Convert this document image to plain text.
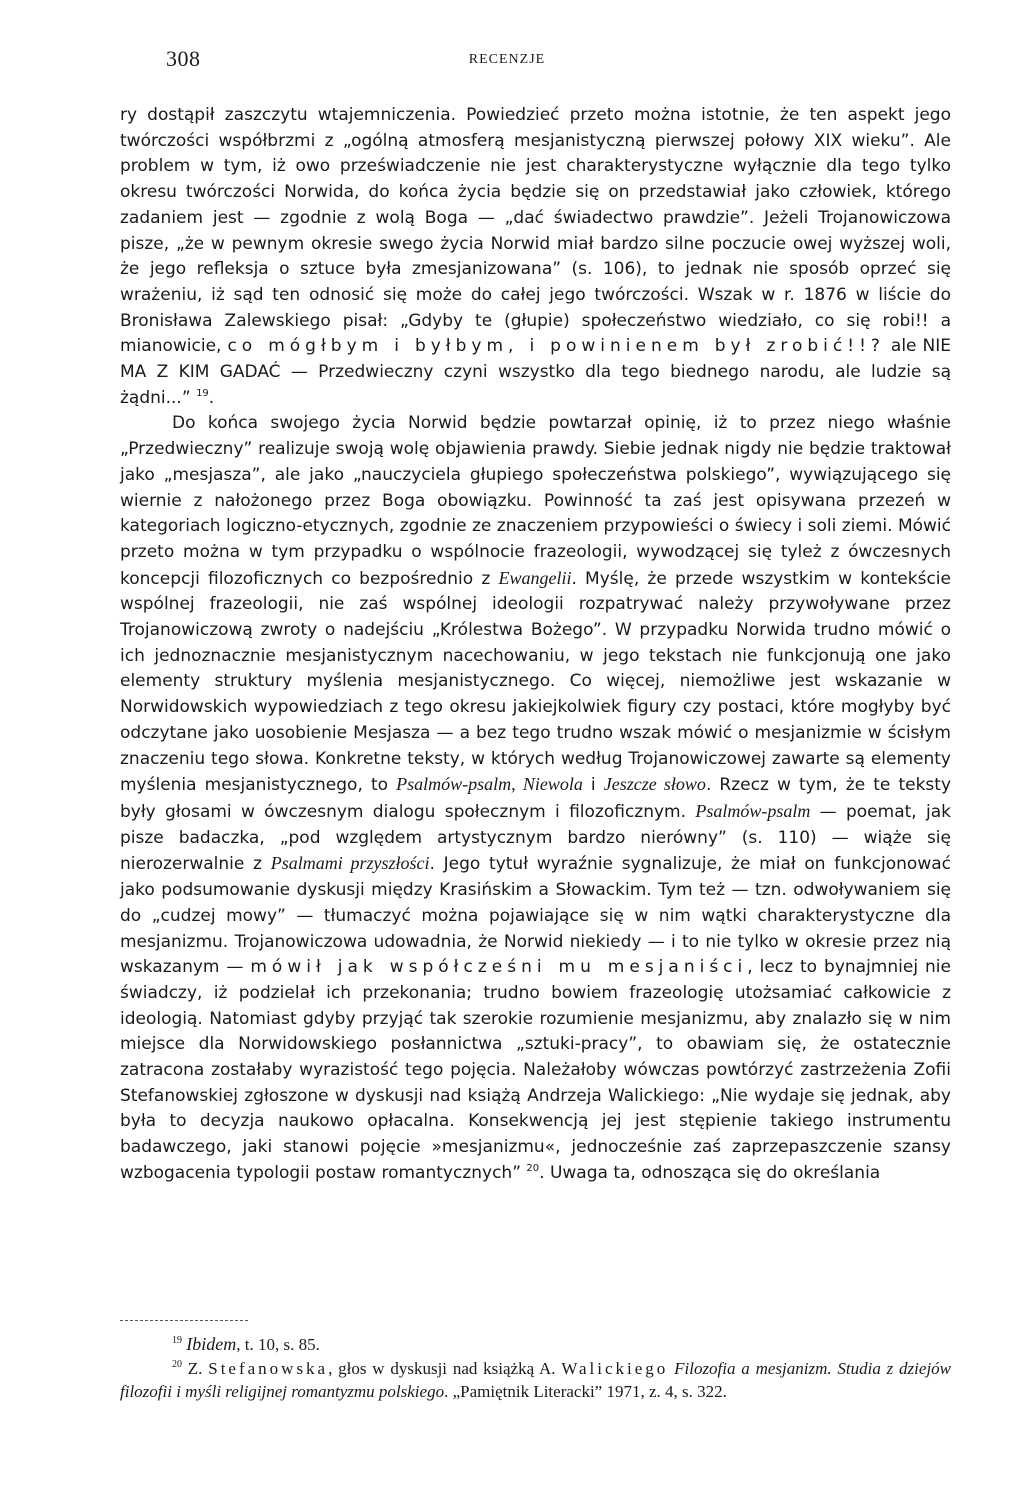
308	RECENZJE

ry dostąpił zaszczytu wtajemniczenia. Powiedzieć przeto można istotnie, że ten aspekt jego twórczości współbrzmi z „ogólną atmosferą mesjanistyczną pierwszej połowy XIX wieku”. Ale problem w tym, iż owo przeświadczenie nie jest charakterystyczne wyłącznie dla tego tylko okresu twórczości Norwida, do końca życia będzie się on przedstawiał jako człowiek, którego zadaniem jest — zgodnie z wolą Boga — „dać świadectwo prawdzie”. Jeżeli Trojanowiczowa pisze, „że w pewnym okresie swego życia Norwid miał bardzo silne poczucie owej wyższej woli, że jego refleksja o sztuce była zmesjanizowana” (s. 106), to jednak nie sposób oprzeć się wrażeniu, iż sąd ten odnosić się może do całej jego twórczości. Wszak w r. 1876 w liście do Bronisława Zalewskiego pisał: „Gdyby te (głupie) społeczeństwo wiedziało, co się robi!! a mianowicie, co mógłbym i byłbym, i powinienem był zrobić!!? ale NIE MA Z KIM GADAĆ — Przedwieczny czyni wszystko dla tego biednego narodu, ale ludzie są żądni...” $^{19}$.

Do końca swojego życia Norwid będzie powtarzał opinię, iż to przez niego właśnie „Przedwieczny” realizuje swoją wolę objawienia prawdy. Siebie jednak nigdy nie będzie traktował jako „mesjasza”, ale jako „nauczyciela głupiego społeczeństwa polskiego”, wywiązującego się wiernie z nałożonego przez Boga obowiązku. Powinność ta zaś jest opisywana przezeń w kategoriach logiczno-etycznych, zgodnie ze znaczeniem przypowieści o świecy i soli ziemi. Mówić przeto można w tym przypadku o wspólnocie frazeologii, wywodzącej się tyleż z ówczesnych koncepcji filozoficznych co bezpośrednio z Ewangelii. Myślę, że przede wszystkim w kontekście wspólnej frazeologii, nie zaś wspólnej ideologii rozpatrywać należy przywoływane przez Trojanowiczową zwroty o nadejściu „Królestwa Bożego”. W przypadku Norwida trudno mówić o ich jednoznacznie mesjanistycznym nacechowaniu, w jego tekstach nie funkcjonują one jako elementy struktury myślenia mesjanistycznego. Co więcej, niemożliwe jest wskazanie w Norwidowskich wypowiedziach z tego okresu jakiejkolwiek figury czy postaci, które mogłyby być odczytane jako uosobienie Mesjasza — a bez tego trudno wszak mówić o mesjanizmie w ścisłym znaczeniu tego słowa. Konkretne teksty, w których według Trojanowiczowej zawarte są elementy myślenia mesjanistycznego, to Psalmów-psalm, Niewola i Jeszcze słowo. Rzecz w tym, że te teksty były głosami w ówczesnym dialogu społecznym i filozoficznym. Psalmów-psalm — poemat, jak pisze badaczka, „pod względem artystycznym bardzo nierówny” (s. 110) — wiąże się nierozerwalnie z Psalmami przyszłości. Jego tytuł wyraźnie sygnalizuje, że miał on funkcjonować jako podsumowanie dyskusji między Krasińskim a Słowackim. Tym też — tzn. odwoływaniem się do „cudzej mowy” — tłumaczyć można pojawiające się w nim wątki charakterystyczne dla mesjanizmu. Trojanowiczowa udowadnia, że Norwid niekiedy — i to nie tylko w okresie przez nią wskazanym — mówił jak współcześni mu mesjaniści, lecz to bynajmniej nie świadczy, iż podzielał ich przekonania; trudno bowiem frazeologię utożsamiać całkowicie z ideologią. Natomiast gdyby przyjąć tak szerokie rozumienie mesjanizmu, aby znalazło się w nim miejsce dla Norwidowskiego posłannictwa „sztuki-pracy”, to obawiam się, że ostatecznie zatracona zostałaby wyrazistość tego pojęcia. Należałoby wówczas powtórzyć zastrzeżenia Zofii Stefanowskiej zgłoszone w dyskusji nad książą Andrzeja Walickiego: „Nie wydaje się jednak, aby była to decyzja naukowo opłacalna. Konsekwencją jej jest stępienie takiego instrumentu badawczego, jaki stanowi pojęcie »mesjanizmu«, jednocześnie zaś zaprzepaszczenie szansy wzbogacenia typologii postaw romantycznych” $^{20}$. Uwaga ta, odnosząca się do określania

$^{19}$ Ibidem, t. 10, s. 85.

$^{20}$ Z. Stefanowska, głos w dyskusji nad książką A. Walickiego Filozofia a mesjanizm. Studia z dziejów filozofii i myśli religijnej romantyzmu polskiego. „Pamiętnik Literacki” 1971, z. 4, s. 322.
